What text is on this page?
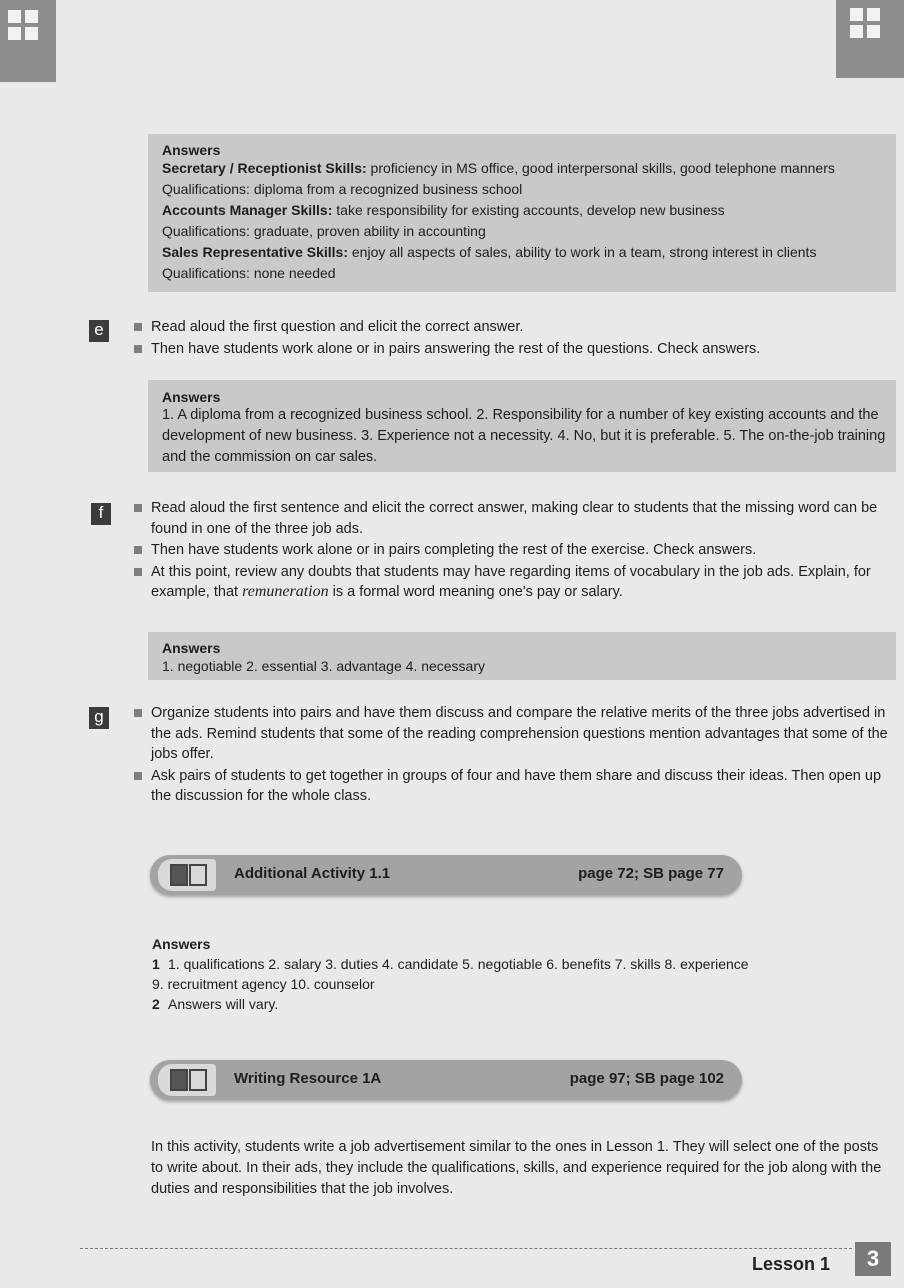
Answers
Secretary / Receptionist Skills: proficiency in MS office, good interpersonal skills, good telephone manners
Qualifications: diploma from a recognized business school
Accounts Manager Skills: take responsibility for existing accounts, develop new business
Qualifications: graduate, proven ability in accounting
Sales Representative Skills: enjoy all aspects of sales, ability to work in a team, strong interest in clients
Qualifications: none needed
e	Read aloud the first question and elicit the correct answer.
Then have students work alone or in pairs answering the rest of the questions. Check answers.
Answers
1. A diploma from a recognized business school. 2. Responsibility for a number of key existing accounts and the development of new business. 3. Experience not a necessity. 4. No, but it is preferable. 5. The on-the-job training and the commission on car sales.
f	Read aloud the first sentence and elicit the correct answer, making clear to students that the missing word can be found in one of the three job ads.
Then have students work alone or in pairs completing the rest of the exercise. Check answers.
At this point, review any doubts that students may have regarding items of vocabulary in the job ads. Explain, for example, that remuneration is a formal word meaning one's pay or salary.
Answers
1. negotiable 2. essential 3. advantage 4. necessary
g	Organize students into pairs and have them discuss and compare the relative merits of the three jobs advertised in the ads. Remind students that some of the reading comprehension questions mention advantages that some of the jobs offer.
Ask pairs of students to get together in groups of four and have them share and discuss their ideas. Then open up the discussion for the whole class.
Additional Activity 1.1	page 72; SB page 77
Answers
1 1. qualifications 2. salary 3. duties 4. candidate 5. negotiable 6. benefits 7. skills 8. experience
9. recruitment agency 10. counselor
2 Answers will vary.
Writing Resource 1A	page 97; SB page 102
In this activity, students write a job advertisement similar to the ones in Lesson 1. They will select one of the posts to write about. In their ads, they include the qualifications, skills, and experience required for the job along with the duties and responsibilities that the job involves.
Lesson 1	3
